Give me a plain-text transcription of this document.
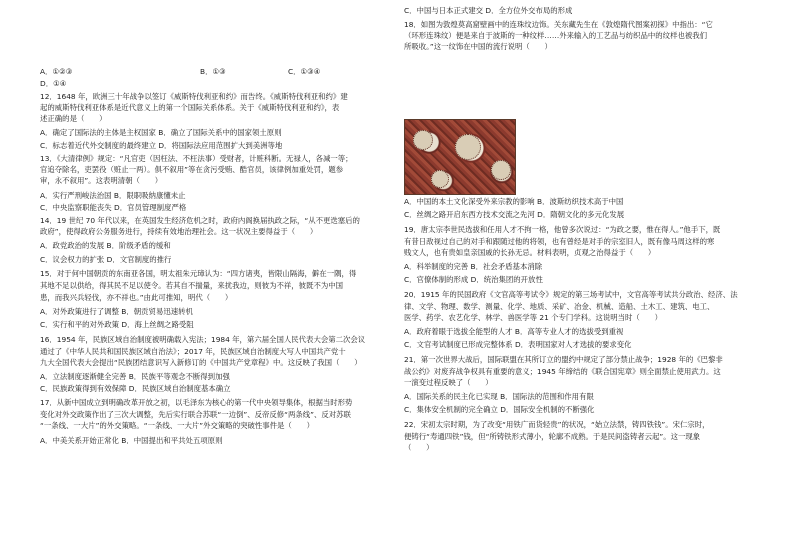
A．①②③
12．1648 年，欧洲三十年战争以签订《威斯特伐利亚和约》而告终。《威斯特伐利亚和约》建
起的威斯特伐利亚体系是近代意义上的第一个国际关系体系。关于《威斯特伐利亚和约》，表
述正确的是（　　）
A．确定了国际法的主体是主权国家 B．确立了国际关系中的国家领土原则
C．标志着近代外交制度的最终建立 D．将国际法应用范围扩大到美洲等地
13．《大清律例》规定：“凡官吏（因枉法、不枉法事）受财者，计赃科断。无禄人，各减一等；
官追夺除名，吏罢役（赃止一两）。俱不叙用”等在贪污受贿、酷官员，该律例加重处罚，题参
审，永不叙用”。这表明清朝（　　）
A．实行严刑峻法治国 B．限职吸纳康懂未止
C．中央监察职能丧失 D．官员管理制度严格
14．19 世纪 70 年代以来，在英国发生经济危机之时，政府内阁换届执政之际，“从不更迭塞后的
政府”，使得政府公务服务进行，持续有效地治理社会。这一状况主要得益于（　　）
A．政党政治的发展 B．阶级矛盾的缓和
C．议会权力的扩张 D．文官制度的推行
15．对于何中国朝贡的东南亚各国，明太祖朱元璋认为：“四方诸夷，皆限山隔海，僻在一隅，得
其地不足以供给，得其民不足以使令。若其自不揣量，来扰我边，则彼为不祥，彼既不为中国
患，而我兴兵轻伐，亦不祥也。”由此可推知，明代（　　）
A．对外政策进行了调整 B．朝贡贸易迅速转机
C．实行和平的对外政策 D．海上丝绸之路受阻
16．1954 年，民族区域自治制度被明确载入宪法；1984 年，第六届全国人民代表大会第二次会议
通过了《中华人民共和国民族区域自治法》；2017 年，民族区域自治制度大写人中国共产党十
九大全国代表大会提出“民族团结意识写入新修订的《中国共产党章程》中。这反映了我国（　　）
A．立法制度逐渐健全完善 B．民族平等观念不断得到加强
C．民族政策得到有效保障 D．民族区域自治制度基本确立
17．从新中国成立到明确改革开放之初，以毛泽东为核心的第一代中央领导集体，根据当时形势
变化对外交政策作出了三次大调整，先后实行联合苏联“一边倒”、反帝反修“两条线”、反对苏联
“一条线、一大片”的外交策略。“一条线、一大片”外交策略的突破性事件是（　　）
A．中美关系开始正常化 B．中国提出和平共处五项原则
B．①③	C．①③④
D．①④
C．中国与日本正式建交 D．全方位外交布局的形成
18．如图为敦煌莫高窟壁画中的连珠纹边饰。关东藏先生在《敦煌隋代图案初探》中指出：“它
（环形连珠纹）便是来自于波斯的一种纹样……外来输入的工艺品与纺织品中的纹样也被我们
所吸收。”这一纹饰在中国的流行说明（　　）
A．中国的本土文化深受外来宗教的影响 B．波斯纺织技术高于中国
C．丝绸之路开启东西方技术交流之先河 D．隋朝文化的多元化发展
19．唐太宗李世民选拔和任用人才不拘一格，他曾多次说过：“为政之要，惟在得人。”他手下，既
有昔日敌视过自己的对手和跟随过他的将领，也有曾经是对手的宗室旧人，既有像马周这样的寒
贱文人，也有贵如皇亲国戚的长孙无忌。材料表明，贞观之治得益于（　　）
A．科举制度的完善 B．社会矛盾基本消除
C．官僚体制的形成 D．统治集团的开放性
20．1915 年的民国政府《文官高等考试令》规定的第三场考试中，文官高等考试共分政治、经济、法
律、文学、物理、数学、测量、化学、地质、采矿、冶金、机械、造船、土木工、建筑、电工、
医学、药学、农艺化学、林学、兽医学等 21 个专门学科。这说明当时（　　）
A．政府着眼于选拔全能型的人才 B．高等专业人才的选拔受到重视
C．文官考试制度已形成完整体系 D．表明国家对人才选拔的要求变化
21．第一次世界大战后，国际联盟在其所订立的盟约中规定了部分禁止战争；1928 年的《巴黎非
战公约》对废弃战争权具有重要的意义；1945 年缔结的《联合国宪章》则全面禁止使用武力。这
一演变过程反映了（　　）
A．国际关系的民主化已实现 B．国际法的范围和作用有限
C．集体安全机制的完全确立 D．国际安全机制的不断强化
22．宋初太宗时期，为了改变“用铁广而货轻贵”的状况，“始立法禁，铸四铁钱”。宋仁宗时，
便铸行“寿通四铁”钱，但“所铸铁形式薄小，轮廓不成熟。于是民间盗铸者云起”。这一现象
（　　）
